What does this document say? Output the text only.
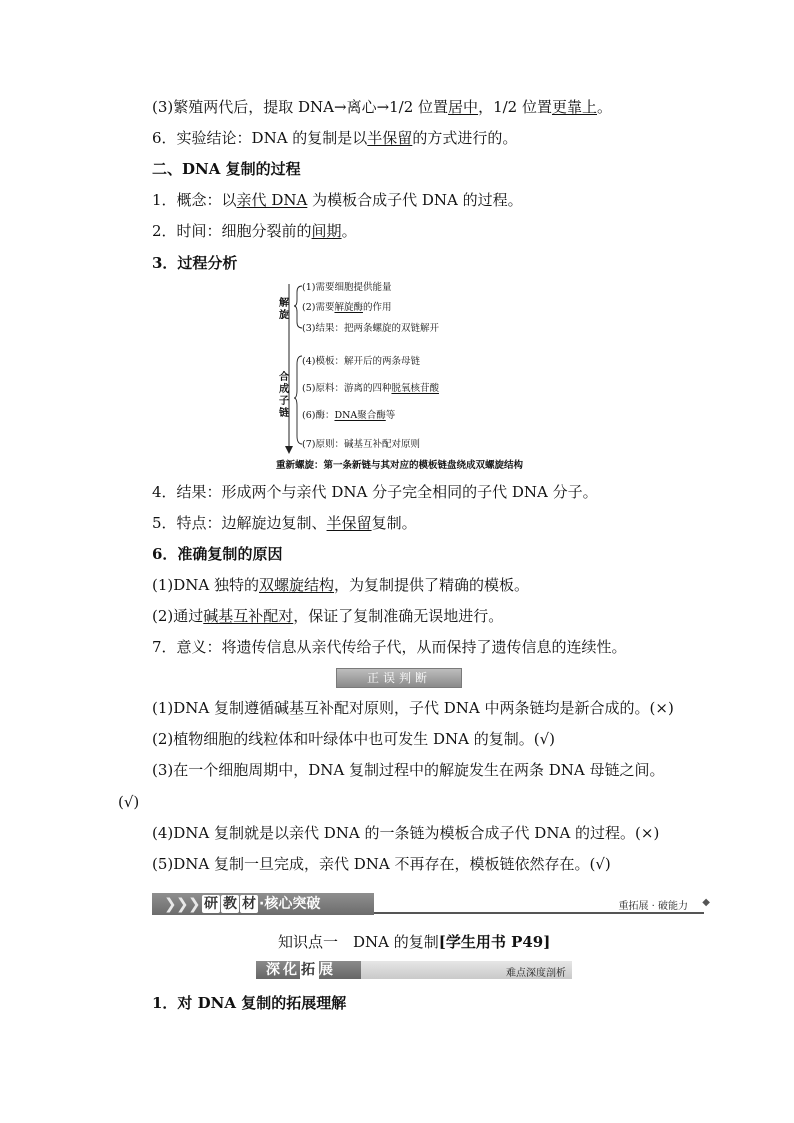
(3)繁殖两代后，提取 DNA→离心→1/2 位置居中，1/2 位置更靠上。
6．实验结论：DNA 的复制是以半保留的方式进行的。
二、DNA 复制的过程
1．概念：以亲代 DNA 为模板合成子代 DNA 的过程。
2．时间：细胞分裂前的间期。
3．过程分析
解
旋
合
成
子
链
(1)需要细胞提供能量
(2)需要解旋酶的作用
(3)结果：把两条螺旋的双链解开
(4)模板：解开后的两条母链
(5)原料：游离的四种脱氧核苷酸
(6)酶：DNA聚合酶等
(7)原则：碱基互补配对原则
重新螺旋：第一条新链与其对应的模板链盘绕成双螺旋结构
4．结果：形成两个与亲代 DNA 分子完全相同的子代 DNA 分子。
5．特点：边解旋边复制、半保留复制。
6．准确复制的原因
(1)DNA 独特的双螺旋结构，为复制提供了精确的模板。
(2)通过碱基互补配对，保证了复制准确无误地进行。
7．意义：将遗传信息从亲代传给子代，从而保持了遗传信息的连续性。
正误判断
(1)DNA 复制遵循碱基互补配对原则，子代 DNA 中两条链均是新合成的。(×)
(2)植物细胞的线粒体和叶绿体中也可发生 DNA 的复制。(√)
(3)在一个细胞周期中，DNA 复制过程中的解旋发生在两条 DNA 母链之间。
(√)
(4)DNA 复制就是以亲代 DNA 的一条链为模板合成子代 DNA 的过程。(×)
(5)DNA 复制一旦完成，亲代 DNA 不再存在，模板链依然存在。(√)
❯ ❯ ❯ 研 教 材 ·核心突破	重拓展 · 破能力 ◆
知识点一　DNA 的复制[学生用书 P49]
深化拓展	难点深度剖析
1．对 DNA 复制的拓展理解
